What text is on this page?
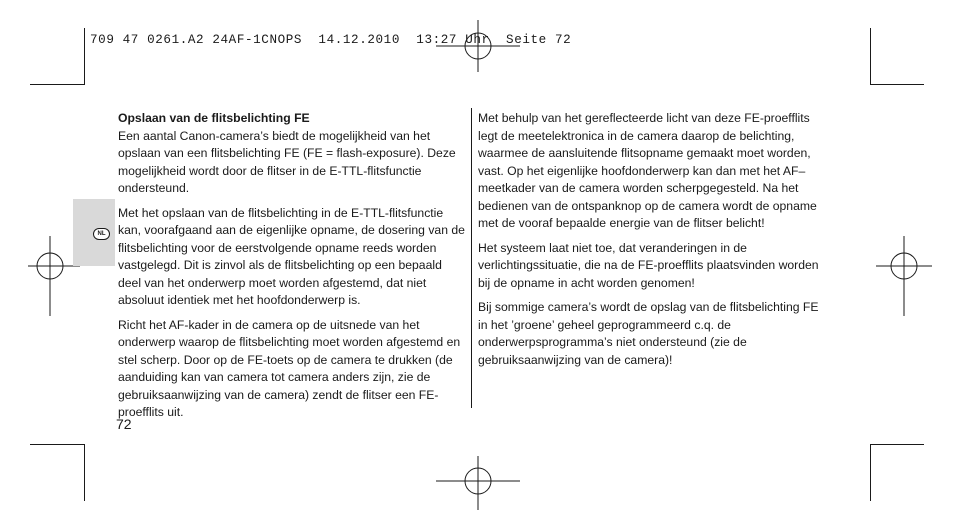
709 47 0261.A2 24AF-1CNOPS  14.12.2010  13:27 Uhr  Seite 72
NL

Opslaan van de flitsbelichting FE

Een aantal Canon-camera’s biedt de mogelijkheid van het opslaan van een flitsbelichting FE (FE = flash-exposure). Deze mogelijkheid wordt door de flitser in de E-TTL-flitsfunctie ondersteund.

Met het opslaan van de flitsbelichting in de E-TTL-flitsfunctie kan, voorafgaand aan de eigenlijke opname, de dosering van de flitsbelichting voor de eerstvolgende opname reeds worden vastgelegd. Dit is zinvol als de flitsbelichting op een bepaald deel van het onderwerp moet worden afgestemd, dat niet absoluut identiek met het hoofdonderwerp is.

Richt het AF-kader in de camera op de uitsnede van het onderwerp waarop de flitsbelichting moet worden afgestemd en stel scherp. Door op de FE-toets op de camera te drukken (de aanduiding kan van camera tot camera anders zijn, zie de gebruiksaanwijzing van de camera) zendt de flitser een FE-proefflits uit.

Met behulp van het gereflecteerde licht van deze FE-proefflits legt de meetelektronica in de camera daarop de belichting, waarmee de aansluitende flitsopname gemaakt moet worden, vast. Op het eigenlijke hoofdonderwerp kan dan met het AF–meetkader van de camera worden scherpgegesteld. Na het bedienen van de ontspanknop op de camera wordt de opname met de vooraf bepaalde energie van de flitser belicht!

Het systeem laat niet toe, dat veranderingen in de verlichtingssituatie, die na de FE-proefflits plaatsvinden worden bij de opname in acht worden genomen!

Bij sommige camera’s wordt de opslag van de flitsbelichting FE in het ’groene’ geheel geprogrammeerd c.q. de onderwerpsprogramma’s niet ondersteund (zie de gebruiksaanwijzing van de camera)!

72
